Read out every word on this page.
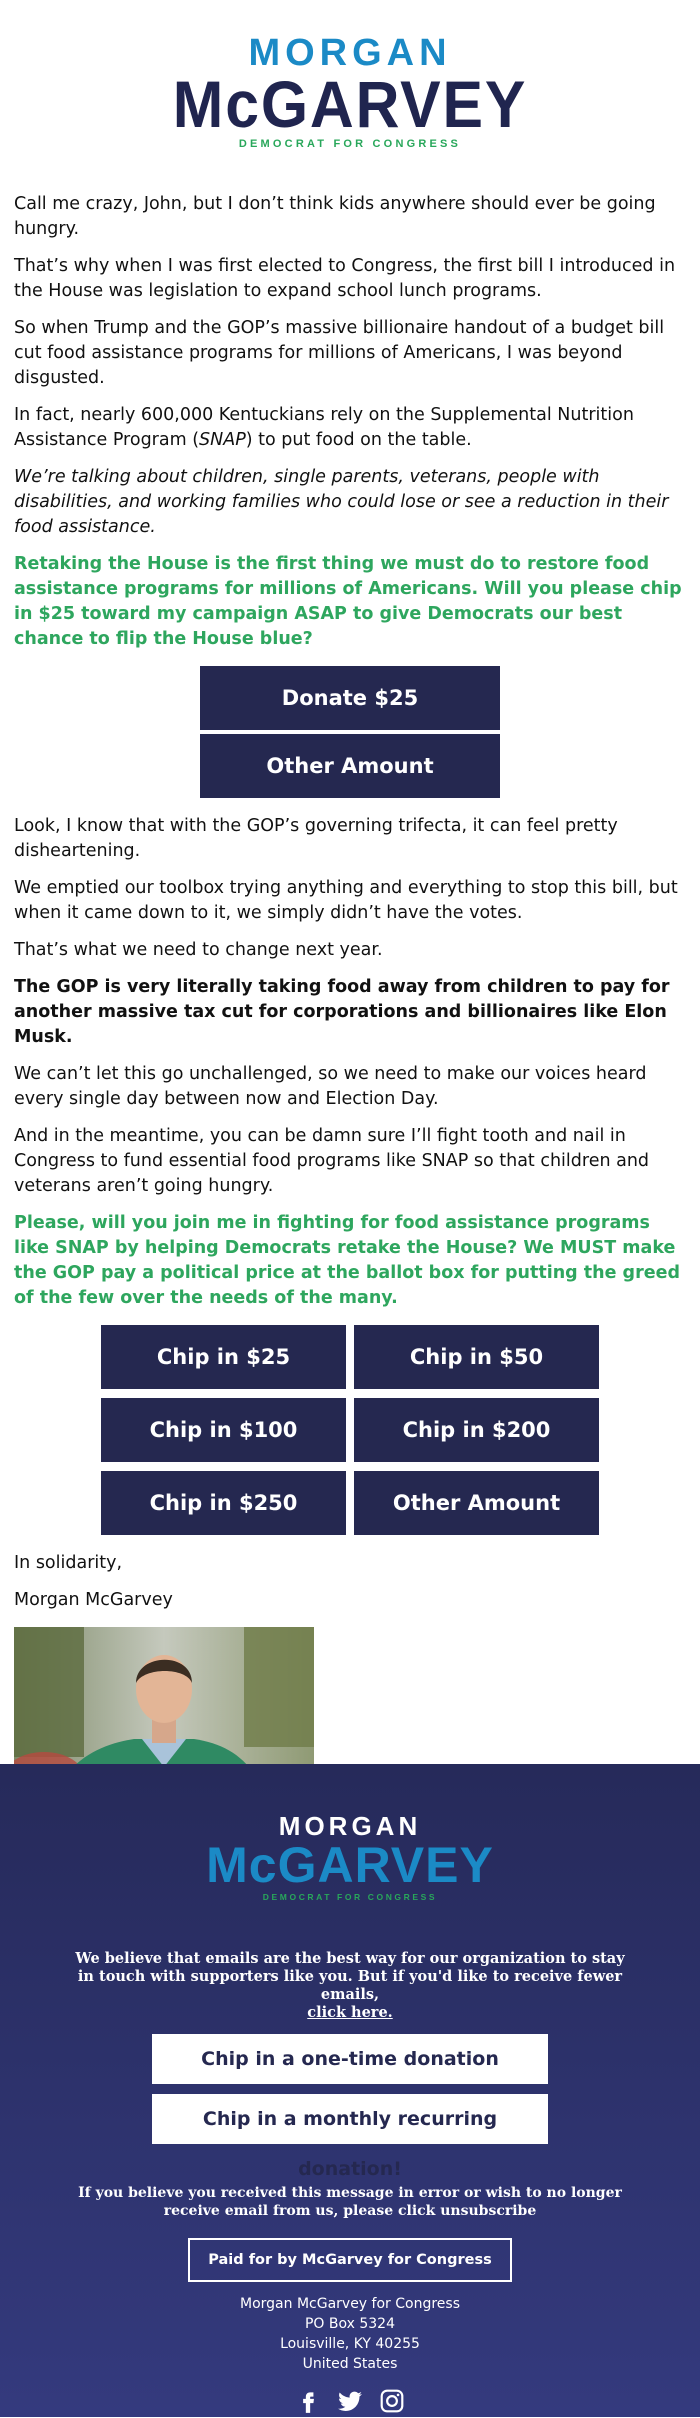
MORGAN
McGARVEY
DEMOCRAT FOR CONGRESS

Call me crazy, John, but I don’t think kids anywhere should ever be going hungry.

That’s why when I was first elected to Congress, the first bill I introduced in the House was legislation to expand school lunch programs.

So when Trump and the GOP’s massive billionaire handout of a budget bill cut food assistance programs for millions of Americans, I was beyond disgusted.

In fact, nearly 600,000 Kentuckians rely on the Supplemental Nutrition Assistance Program (SNAP) to put food on the table.

We’re talking about children, single parents, veterans, people with disabilities, and working families who could lose or see a reduction in their food assistance.

Retaking the House is the first thing we must do to restore food assistance programs for millions of Americans. Will you please chip in $25 toward my campaign ASAP to give Democrats our best chance to flip the House blue?

Donate $25
Other Amount

Look, I know that with the GOP’s governing trifecta, it can feel pretty disheartening.

We emptied our toolbox trying anything and everything to stop this bill, but when it came down to it, we simply didn’t have the votes.

That’s what we need to change next year.

The GOP is very literally taking food away from children to pay for another massive tax cut for corporations and billionaires like Elon Musk.

We can’t let this go unchallenged, so we need to make our voices heard every single day between now and Election Day.

And in the meantime, you can be damn sure I’ll fight tooth and nail in Congress to fund essential food programs like SNAP so that children and veterans aren’t going hungry.

Please, will you join me in fighting for food assistance programs like SNAP by helping Democrats retake the House? We MUST make the GOP pay a political price at the ballot box for putting the greed of the few over the needs of the many.

Chip in $25	Chip in $50
Chip in $100	Chip in $200
Chip in $250	Other Amount

In solidarity,

Morgan McGarvey

MORGAN
McGARVEY
DEMOCRAT FOR CONGRESS
We believe that emails are the best way for our organization to stay in touch with supporters like you. But if you'd like to receive fewer emails,
click here.
Chip in a one-time donation
Chip in a monthly recurring donation!
If you believe you received this message in error or wish to no longer receive email from us, please click unsubscribe
Paid for by McGarvey for Congress
Morgan McGarvey for Congress
PO Box 5324
Louisville, KY 40255
United States
